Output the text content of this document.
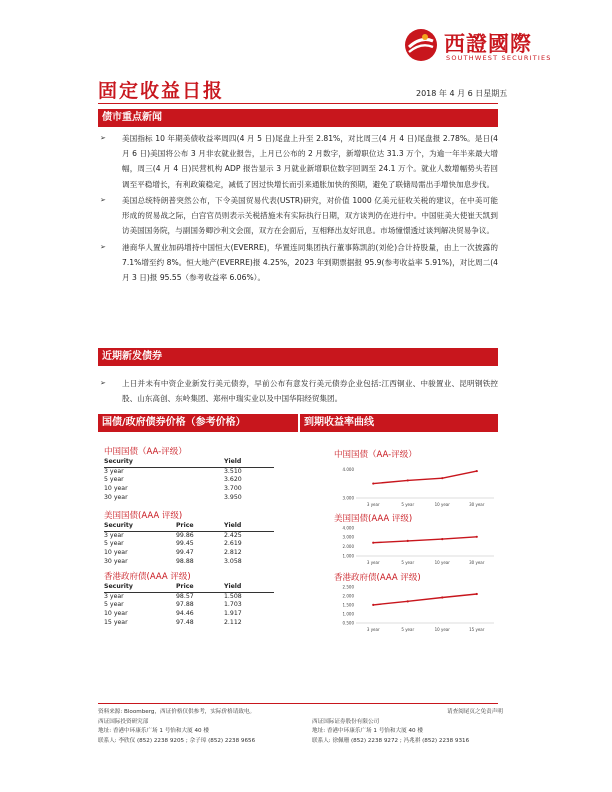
西證國際
SOUTHWEST SECURITIES
固定收益日报	2018 年 4 月 6 日星期五
债市重点新闻
➢ 美国指标 10 年期美债收益率周四(4 月 5 日)尾盘上升至 2.81%，对比周三(4 月 4 日)尾盘报 2.78%。是日(4 月 6 日)美国将公布 3 月非农就业报告，上月已公布的 2 月数字，新增职位达 31.3 万个，为逾一年半来最大增幅，周三(4 月 4 日)民营机构 ADP 报告显示 3 月就业新增职位数字回调至 24.1 万个。就业人数增幅势头若回调至平稳增长，有利政策稳定，减低了因过快增长而引来通胀加快的预期，避免了联储局需出手增快加息步伐。
➢ 美国总统特朗普突然公布，下令美国贸易代表(USTR)研究，对价值 1000 亿美元征收关税的建议，在中美可能形成的贸易战之际，白宫官员则表示关税措施未有实际执行日期，双方谈判仍在进行中。中国驻美大使崔天凯到访美国国务院，与副国务卿沙利文会面，双方在会面后，互相释出友好讯息。市场憧憬透过谈判解决贸易争议。
➢ 港商华人置业加码增持中国恒大(EVERRE)，华置连同集团执行董事陈凯韵(刘伦)合计持股量，由上一次披露的 7.1%增至约 8%。恒大地产(EVERRE)报 4.25%，2023 年到期票据报 95.9(参考收益率 5.91%)，对比周二(4 月 3 日)报 95.55（参考收益率 6.06%）。
近期新发债券
➢ 上日并未有中资企业新发行美元债券，早前公布有意发行美元债券企业包括:江西铜业、中骏置业、昆明钢铁控股、山东高创、东岭集团、郑州中瑞实业以及中国华阳经贸集团。
国债/政府债券价格（参考价格）	到期收益率曲线
中国国债（AA-评级）
Security		Yield
3 year		3.510
5 year		3.620
10 year		3.700
30 year		3.950
美国国债(AAA 评级)
Security	Price	Yield
3 year	99.86	2.425
5 year	99.45	2.619
10 year	99.47	2.812
30 year	98.88	3.058
香港政府债(AAA 评级)
Security	Price	Yield
3 year	98.57	1.508
5 year	97.88	1.703
10 year	94.46	1.917
15 year	97.48	2.112
中国国债（AA-评级）
3.000
4.000
3 year	5 year	10 year	30 year
美国国债(AAA 评级)
1.000
2.000
3.000
4.000
3 year	5 year	10 year	30 year
香港政府债(AAA 评级)
0.500
1.000
1.500
2.000
2.500
3 year	5 year	10 year	15 year
资料来源: Bloomberg，西证价格仅供参考，实际价格请致电。
西证国际投资研究部
地址: 香港中环康乐广场 1 号怡和大厦 40 楼
联系人: 李欣仪 (852) 2238 9205 ; 佘子璋 (852) 2238 9656
请查阅尾页之免责声明
西证国际证券股份有限公司
地址: 香港中环康乐广场 1 号怡和大厦 40 楼
联系人: 徐佩珊 (852) 2238 9272 ; 冯兆祺 (852) 2238 9316
